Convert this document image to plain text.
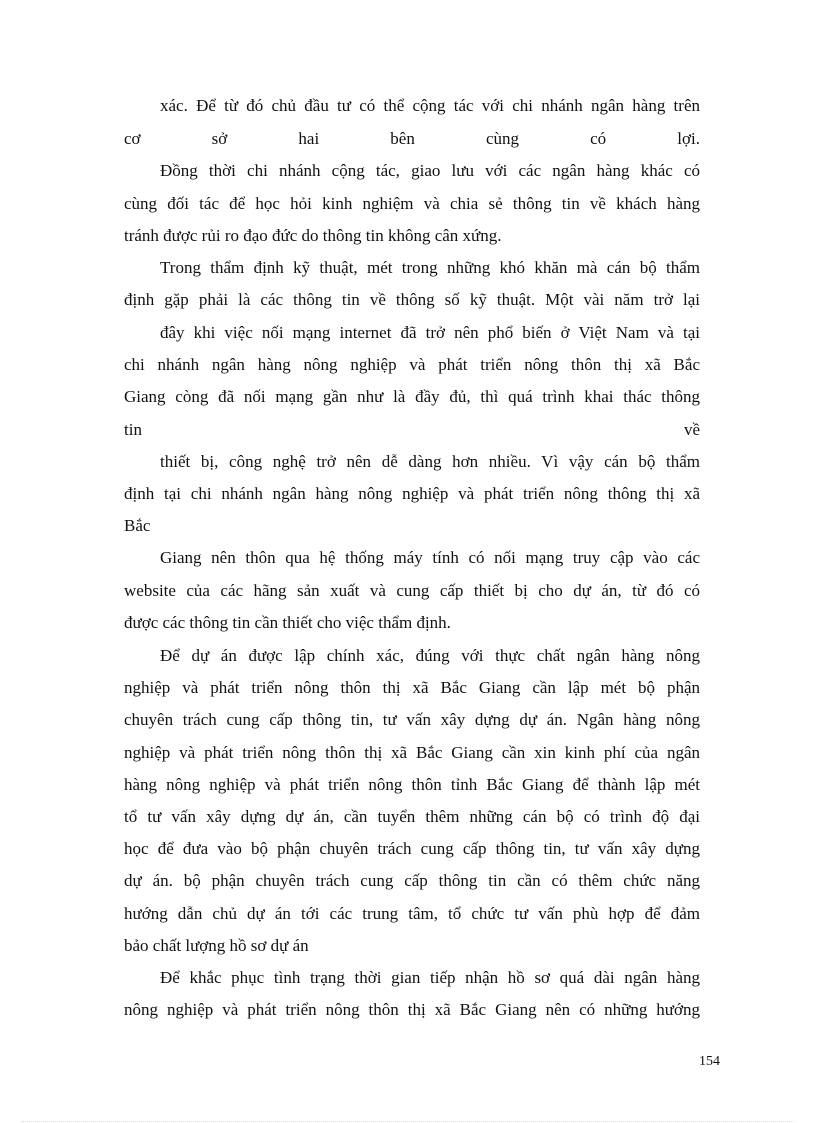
xác. Để từ đó chủ đầu tư có thể cộng tác với chi nhánh ngân hàng trên
cơ sở hai bên cùng có lợi.
Đồng thời chi nhánh cộng tác, giao lưu với các ngân hàng khác có
cùng đối tác để học hỏi kinh nghiệm và chia sẻ thông tin về khách hàng
tránh được rủi ro đạo đức do thông tin không cân xứng.
Trong thẩm định kỹ thuật, mét trong những khó khăn mà cán bộ thẩm
định gặp phải là các thông tin về thông số kỹ thuật. Một vài năm trở lại
đây khi việc nối mạng internet đã trở nên phổ biến ở Việt Nam và tại
chi nhánh ngân hàng nông nghiệp và phát triển nông thôn thị xã Bắc
Giang còng đã nối mạng gần như là đầy đủ, thì quá trình khai thác thông
tin về
thiết bị, công nghệ trở nên dễ dàng hơn nhiều. Vì vậy cán bộ thẩm
định tại chi nhánh ngân hàng nông nghiệp và phát triển nông thông thị xã
Bắc
Giang nên thôn qua hệ thống máy tính có nối mạng truy cập vào các
website của các hãng sản xuất và cung cấp thiết bị cho dự án, từ đó có
được các thông tin cần thiết cho việc thẩm định.
Để dự án được lập chính xác, đúng với thực chất ngân hàng nông
nghiệp và phát triển nông thôn thị xã Bắc Giang cần lập mét bộ phận
chuyên trách cung cấp thông tin, tư vấn xây dựng dự án. Ngân hàng nông
nghiệp và phát triển nông thôn thị xã Bắc Giang cần xin kinh phí của ngân
hàng nông nghiệp và phát triển nông thôn tỉnh Bắc Giang để thành lập mét
tổ tư vấn xây dựng dự án, cần tuyển thêm những cán bộ có trình độ đại
học để đưa vào bộ phận chuyên trách cung cấp thông tin, tư vấn xây dựng
dự án. bộ phận chuyên trách cung cấp thông tin cần có thêm chức năng
hướng dẫn chủ dự án tới các trung tâm, tổ chức tư vấn phù hợp để đảm
bảo chất lượng hồ sơ dự án
Để khắc phục tình trạng thời gian tiếp nhận hồ sơ quá dài ngân hàng
nông nghiệp và phát triển nông thôn thị xã Bắc Giang nên có những hướng
154
